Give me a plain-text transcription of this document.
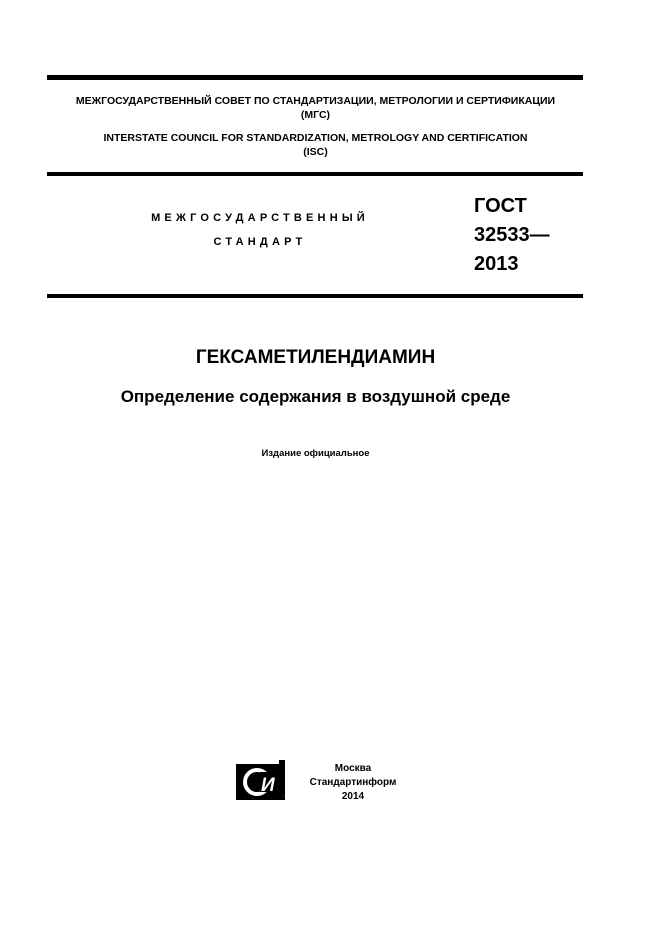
МЕЖГОСУДАРСТВЕННЫЙ СОВЕТ ПО СТАНДАРТИЗАЦИИ, МЕТРОЛОГИИ И СЕРТИФИКАЦИИ
(МГС)
INTERSTATE COUNCIL FOR STANDARDIZATION, METROLOGY AND CERTIFICATION
(ISC)
МЕЖГОСУДАРСТВЕННЫЙ
СТАНДАРТ
ГОСТ
32533—
2013
ГЕКСАМЕТИЛЕНДИАМИН
Определение содержания в воздушной среде
Издание официальное
И
Москва
Стандартинформ
2014
